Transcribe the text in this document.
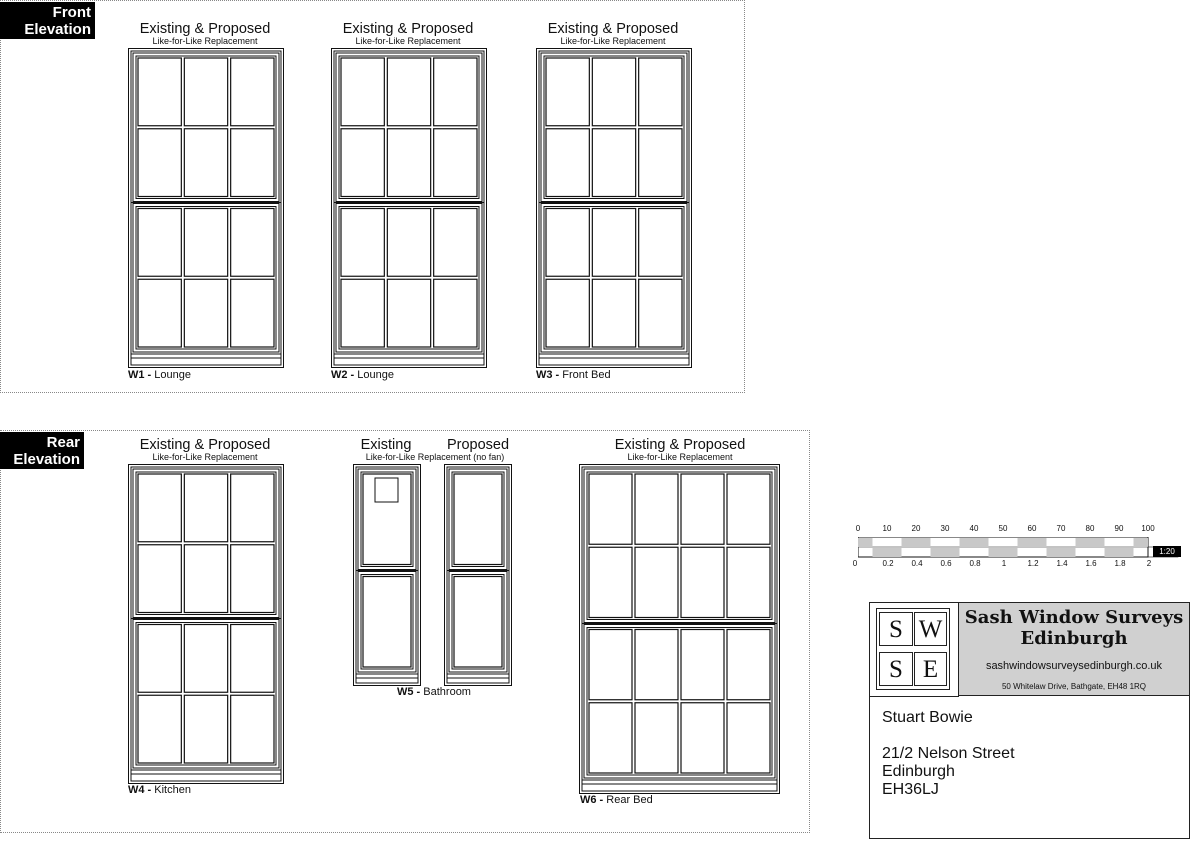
Front
Elevation	Existing & Proposed
Like-for-Like Replacement
W1 - Lounge
Existing & Proposed
Like-for-Like Replacement
W2 - Lounge
Existing & Proposed
Like-for-Like Replacement
W3 - Front Bed
Rear
Elevation
Existing & Proposed
Like-for-Like Replacement
W4 - Kitchen
Existing	Proposed
Like-for-Like Replacement (no fan)
W5 - Bathroom
Existing & Proposed
Like-for-Like Replacement
W6 - Rear Bed
0	10	20	30	40	50	60	70	80	90	100
0	0.2	0.4	0.6	0.8	1	1.2	1.4	1.6	1.8	2
1:20
S W
S E
Sash Window Surveys
Edinburgh
sashwindowsurveysedinburgh.co.uk
50 Whitelaw Drive, Bathgate, EH48 1RQ
Stuart Bowie
21/2 Nelson Street
Edinburgh
EH36LJ
